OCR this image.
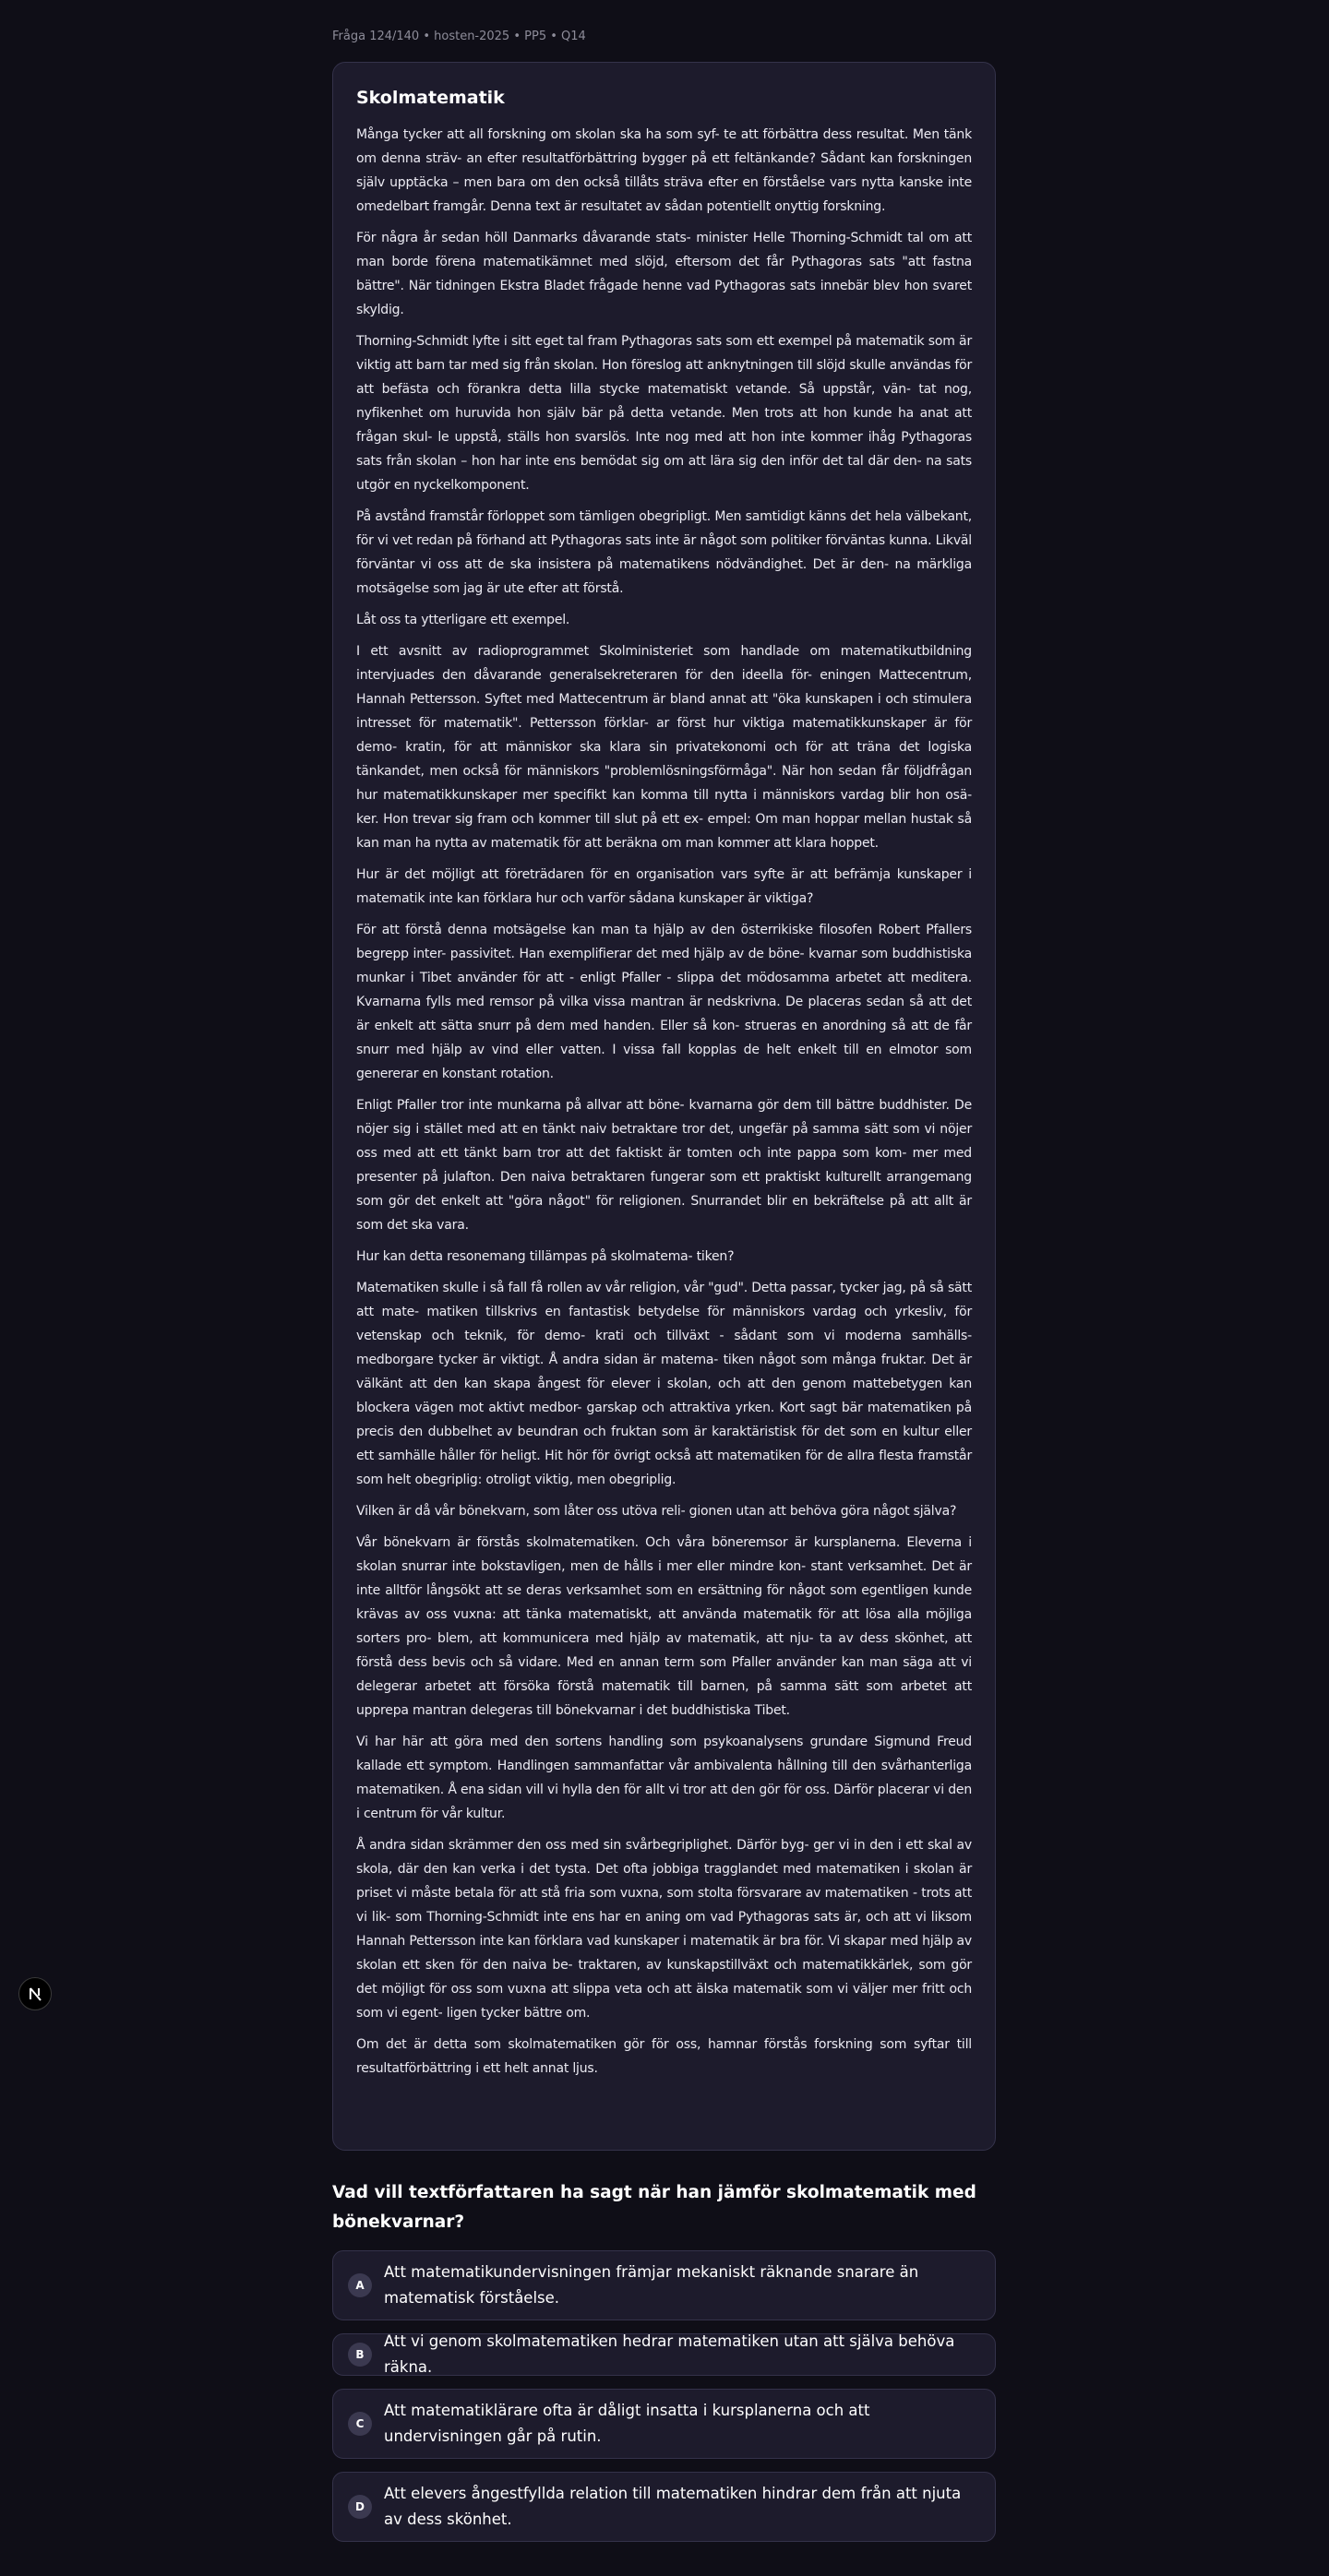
Fråga 124/140 • hosten-2025 • PP5 • Q14
Skolmatematik

Många tycker att all forskning om skolan ska ha som syf- te att förbättra dess resultat. Men tänk om denna sträv- an efter resultatförbättring bygger på ett feltänkande? Sådant kan forskningen själv upptäcka – men bara om den också tillåts sträva efter en förståelse vars nytta kanske inte omedelbart framgår. Denna text är resultatet av sådan potentiellt onyttig forskning.

För några år sedan höll Danmarks dåvarande stats- minister Helle Thorning-Schmidt tal om att man borde förena matematikämnet med slöjd, eftersom det får Pythagoras sats "att fastna bättre". När tidningen Ekstra Bladet frågade henne vad Pythagoras sats innebär blev hon svaret skyldig.

Thorning-Schmidt lyfte i sitt eget tal fram Pythagoras sats som ett exempel på matematik som är viktig att barn tar med sig från skolan. Hon föreslog att anknytningen till slöjd skulle användas för att befästa och förankra detta lilla stycke matematiskt vetande. Så uppstår, vän- tat nog, nyfikenhet om huruvida hon själv bär på detta vetande. Men trots att hon kunde ha anat att frågan skul- le uppstå, ställs hon svarslös. Inte nog med att hon inte kommer ihåg Pythagoras sats från skolan – hon har inte ens bemödat sig om att lära sig den inför det tal där den- na sats utgör en nyckelkomponent.

På avstånd framstår förloppet som tämligen obegripligt. Men samtidigt känns det hela välbekant, för vi vet redan på förhand att Pythagoras sats inte är något som politiker förväntas kunna. Likväl förväntar vi oss att de ska insistera på matematikens nödvändighet. Det är den- na märkliga motsägelse som jag är ute efter att förstå.

Låt oss ta ytterligare ett exempel.

I ett avsnitt av radioprogrammet Skolministeriet som handlade om matematikutbildning intervjuades den dåvarande generalsekreteraren för den ideella för- eningen Mattecentrum, Hannah Pettersson. Syftet med Mattecentrum är bland annat att "öka kunskapen i och stimulera intresset för matematik". Pettersson förklar- ar först hur viktiga matematikkunskaper är för demo- kratin, för att människor ska klara sin privatekonomi och för att träna det logiska tänkandet, men också för människors "problemlösningsförmåga". När hon sedan får följdfrågan hur matematikkunskaper mer specifikt kan komma till nytta i människors vardag blir hon osä- ker. Hon trevar sig fram och kommer till slut på ett ex- empel: Om man hoppar mellan hustak så kan man ha nytta av matematik för att beräkna om man kommer att klara hoppet.

Hur är det möjligt att företrädaren för en organisation vars syfte är att befrämja kunskaper i matematik inte kan förklara hur och varför sådana kunskaper är viktiga?

För att förstå denna motsägelse kan man ta hjälp av den österrikiske filosofen Robert Pfallers begrepp inter- passivitet. Han exemplifierar det med hjälp av de böne- kvarnar som buddhistiska munkar i Tibet använder för att - enligt Pfaller - slippa det mödosamma arbetet att meditera. Kvarnarna fylls med remsor på vilka vissa mantran är nedskrivna. De placeras sedan så att det är enkelt att sätta snurr på dem med handen. Eller så kon- strueras en anordning så att de får snurr med hjälp av vind eller vatten. I vissa fall kopplas de helt enkelt till en elmotor som genererar en konstant rotation.

Enligt Pfaller tror inte munkarna på allvar att böne- kvarnarna gör dem till bättre buddhister. De nöjer sig i stället med att en tänkt naiv betraktare tror det, ungefär på samma sätt som vi nöjer oss med att ett tänkt barn tror att det faktiskt är tomten och inte pappa som kom- mer med presenter på julafton. Den naiva betraktaren fungerar som ett praktiskt kulturellt arrangemang som gör det enkelt att "göra något" för religionen. Snurrandet blir en bekräftelse på att allt är som det ska vara.

Hur kan detta resonemang tillämpas på skolmatema- tiken?

Matematiken skulle i så fall få rollen av vår religion, vår "gud". Detta passar, tycker jag, på så sätt att mate- matiken tillskrivs en fantastisk betydelse för människors vardag och yrkesliv, för vetenskap och teknik, för demo- krati och tillväxt - sådant som vi moderna samhälls- medborgare tycker är viktigt. Å andra sidan är matema- tiken något som många fruktar. Det är välkänt att den kan skapa ångest för elever i skolan, och att den genom mattebetygen kan blockera vägen mot aktivt medbor- garskap och attraktiva yrken. Kort sagt bär matematiken på precis den dubbelhet av beundran och fruktan som är karaktäristisk för det som en kultur eller ett samhälle håller för heligt. Hit hör för övrigt också att matematiken för de allra flesta framstår som helt obegriplig: otroligt viktig, men obegriplig.

Vilken är då vår bönekvarn, som låter oss utöva reli- gionen utan att behöva göra något själva?

Vår bönekvarn är förstås skolmatematiken. Och våra böneremsor är kursplanerna. Eleverna i skolan snurrar inte bokstavligen, men de hålls i mer eller mindre kon- stant verksamhet. Det är inte alltför långsökt att se deras verksamhet som en ersättning för något som egentligen kunde krävas av oss vuxna: att tänka matematiskt, att använda matematik för att lösa alla möjliga sorters pro- blem, att kommunicera med hjälp av matematik, att nju- ta av dess skönhet, att förstå dess bevis och så vidare. Med en annan term som Pfaller använder kan man säga att vi delegerar arbetet att försöka förstå matematik till barnen, på samma sätt som arbetet att upprepa mantran delegeras till bönekvarnar i det buddhistiska Tibet.

Vi har här att göra med den sortens handling som psykoanalysens grundare Sigmund Freud kallade ett symptom. Handlingen sammanfattar vår ambivalenta hållning till den svårhanterliga matematiken. Å ena sidan vill vi hylla den för allt vi tror att den gör för oss. Därför placerar vi den i centrum för vår kultur.

Å andra sidan skrämmer den oss med sin svårbegriplighet. Därför byg- ger vi in den i ett skal av skola, där den kan verka i det tysta. Det ofta jobbiga tragglandet med matematiken i skolan är priset vi måste betala för att stå fria som vuxna, som stolta försvarare av matematiken - trots att vi lik- som Thorning-Schmidt inte ens har en aning om vad Pythagoras sats är, och att vi liksom Hannah Pettersson inte kan förklara vad kunskaper i matematik är bra för. Vi skapar med hjälp av skolan ett sken för den naiva be- traktaren, av kunskapstillväxt och matematikkärlek, som gör det möjligt för oss som vuxna att slippa veta och att älska matematik som vi väljer mer fritt och som vi egent- ligen tycker bättre om.

Om det är detta som skolmatematiken gör för oss, hamnar förstås forskning som syftar till resultatförbättring i ett helt annat ljus.

Vad vill textförfattaren ha sagt när han jämför skolmatematik med bönekvarnar?
A
Att matematikundervisningen främjar mekaniskt räknande snarare än matematisk förståelse.
B
Att vi genom skolmatematiken hedrar matematiken utan att själva behöva räkna.
C
Att matematiklärare ofta är dåligt insatta i kursplanerna och att undervisningen går på rutin.
D
Att elevers ångestfyllda relation till matematiken hindrar dem från att njuta av dess skönhet.
